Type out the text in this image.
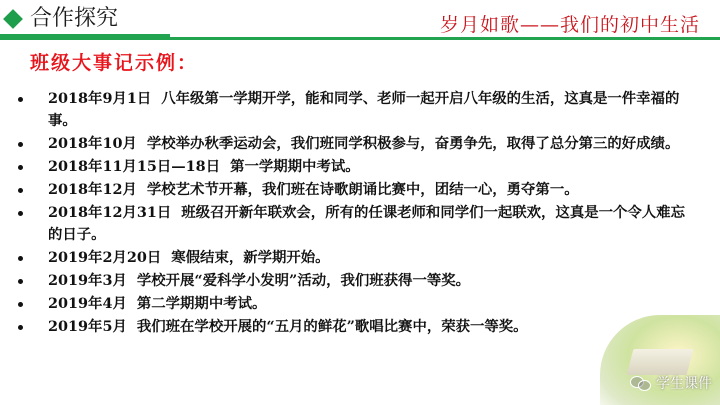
合作探究	岁月如歌——我们的初中生活
班级大事记示例：
2018年9月1日 八年级第一学期开学，能和同学、老师一起开启八年级的生活，这真是一件幸福的事。
2018年10月 学校举办秋季运动会，我们班同学积极参与，奋勇争先，取得了总分第三的好成绩。
2018年11月15日—18日 第一学期期中考试。
2018年12月 学校艺术节开幕，我们班在诗歌朗诵比赛中，团结一心，勇夺第一。
2018年12月31日 班级召开新年联欢会，所有的任课老师和同学们一起联欢，这真是一个令人难忘的日子。
2019年2月20日 寒假结束，新学期开始。
2019年3月 学校开展“爱科学小发明”活动，我们班获得一等奖。
2019年4月 第二学期期中考试。
2019年5月 我们班在学校开展的“五月的鲜花”歌唱比赛中，荣获一等奖。
学生课件
